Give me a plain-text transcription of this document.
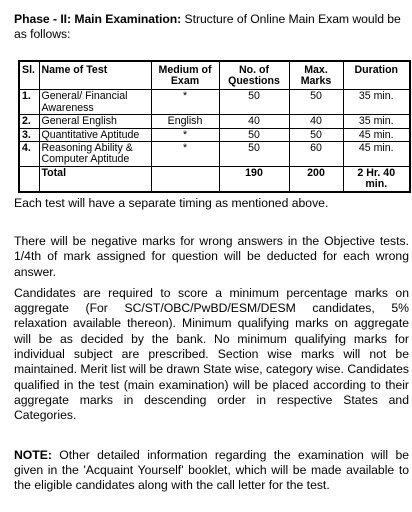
Phase - II: Main Examination: Structure of Online Main Exam would be as follows:

Sl.	Name of Test	Medium of Exam	No. of Questions	Max. Marks	Duration
1.	General/ Financial Awareness	*	50	50	35 min.
2.	General English	English	40	40	35 min.
3.	Quantitative Aptitude	*	50	50	45 min.
4.	Reasoning Ability & Computer Aptitude	*	50	60	45 min.
	Total		190	200	2 Hr. 40 min.

Each test will have a separate timing as mentioned above.

There will be negative marks for wrong answers in the Objective tests. 1/4th of mark assigned for question will be deducted for each wrong answer.

Candidates are required to score a minimum percentage marks on aggregate (For SC/ST/OBC/PwBD/ESM/DESM candidates, 5% relaxation available thereon). Minimum qualifying marks on aggregate will be as decided by the bank. No minimum qualifying marks for individual subject are prescribed. Section wise marks will not be maintained. Merit list will be drawn State wise, category wise. Candidates qualified in the test (main examination) will be placed according to their aggregate marks in descending order in respective States and Categories.

NOTE: Other detailed information regarding the examination will be given in the 'Acquaint Yourself' booklet, which will be made available to the eligible candidates along with the call letter for the test.
